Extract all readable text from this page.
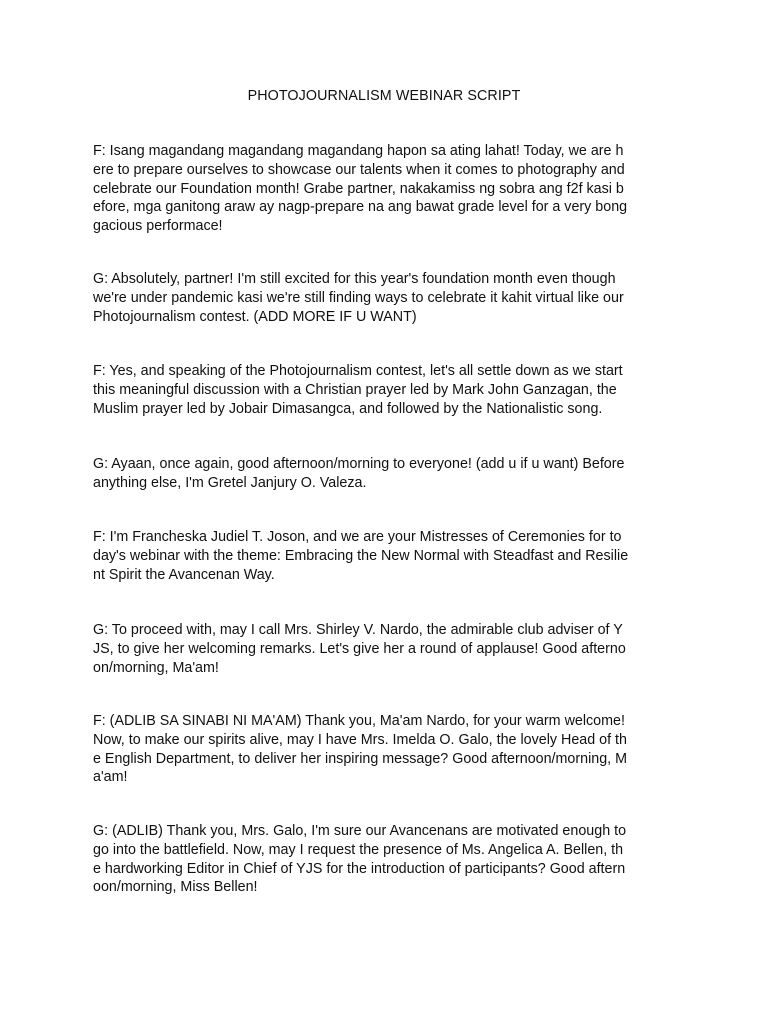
PHOTOJOURNALISM WEBINAR SCRIPT

F: Isang magandang magandang magandang hapon sa ating lahat! Today, we are h
ere to prepare ourselves to showcase our talents when it comes to photography and
celebrate our Foundation month! Grabe partner, nakakamiss ng sobra ang f2f kasi b
efore, mga ganitong araw ay nagp-prepare na ang bawat grade level for a very bong
gacious performace!

G: Absolutely, partner! I'm still excited for this year's foundation month even though
we're under pandemic kasi we're still finding ways to celebrate it kahit virtual like our
Photojournalism contest. (ADD MORE IF U WANT)

F: Yes, and speaking of the Photojournalism contest, let's all settle down as we start
this meaningful discussion with a Christian prayer led by Mark John Ganzagan, the
Muslim prayer led by Jobair Dimasangca, and followed by the Nationalistic song.

G: Ayaan, once again, good afternoon/morning to everyone! (add u if u want) Before
anything else, I'm Gretel Janjury O. Valeza.

F: I'm Francheska Judiel T. Joson, and we are your Mistresses of Ceremonies for to
day's webinar with the theme: Embracing the New Normal with Steadfast and Resilie
nt Spirit the Avancenan Way.

G: To proceed with, may I call Mrs. Shirley V. Nardo, the admirable club adviser of Y
JS, to give her welcoming remarks. Let's give her a round of applause! Good afterno
on/morning, Ma'am!

F: (ADLIB SA SINABI NI MA'AM) Thank you, Ma'am Nardo, for your warm welcome!
Now, to make our spirits alive, may I have Mrs. Imelda O. Galo, the lovely Head of th
e English Department, to deliver her inspiring message? Good afternoon/morning, M
a'am!

G: (ADLIB) Thank you, Mrs. Galo, I'm sure our Avancenans are motivated enough to
go into the battlefield. Now, may I request the presence of Ms. Angelica A. Bellen, th
e hardworking Editor in Chief of YJS for the introduction of participants? Good aftern
oon/morning, Miss Bellen!
